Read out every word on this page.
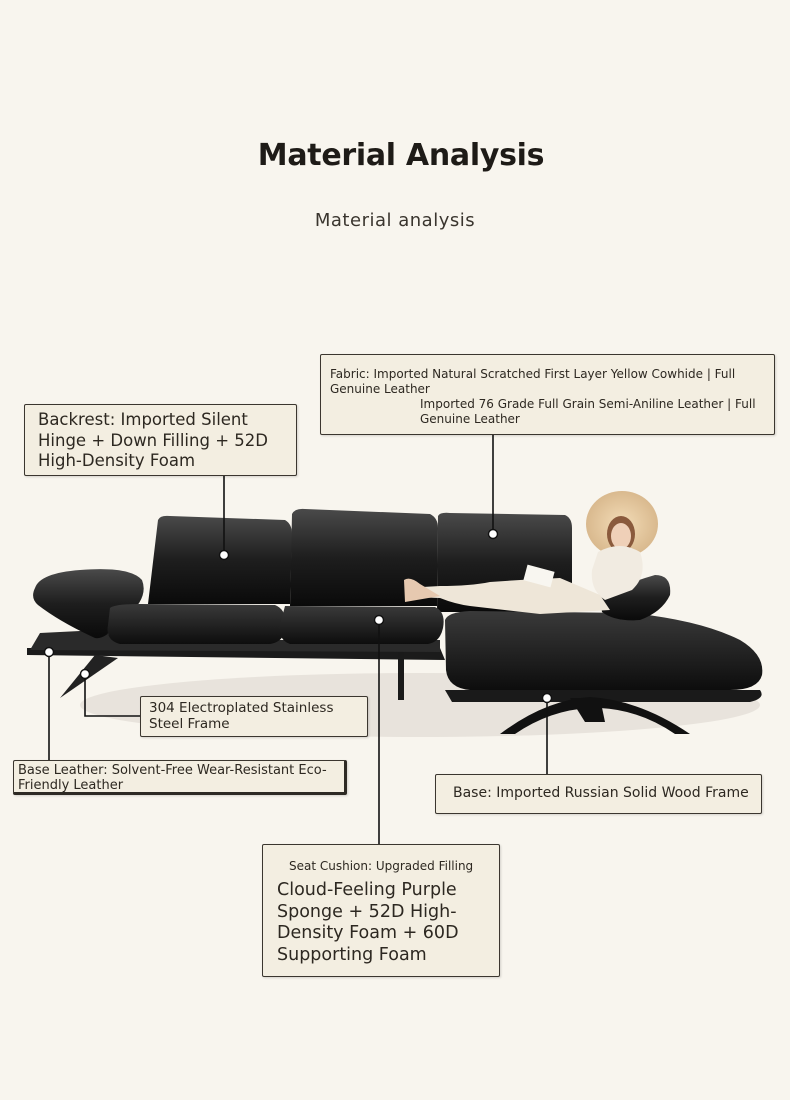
Material Analysis
Material analysis
Fabric: Imported Natural Scratched First Layer Yellow Cowhide | Full Genuine Leather
Imported 76 Grade Full Grain Semi-Aniline Leather | Full Genuine Leather
Backrest: Imported Silent Hinge + Down Filling + 52D High-Density Foam
304 Electroplated Stainless Steel Frame
Base Leather: Solvent-Free Wear-Resistant Eco-Friendly Leather	Base: Imported Russian Solid Wood Frame
Seat Cushion: Upgraded Filling
Cloud-Feeling Purple Sponge + 52D High-Density Foam + 60D Supporting Foam
